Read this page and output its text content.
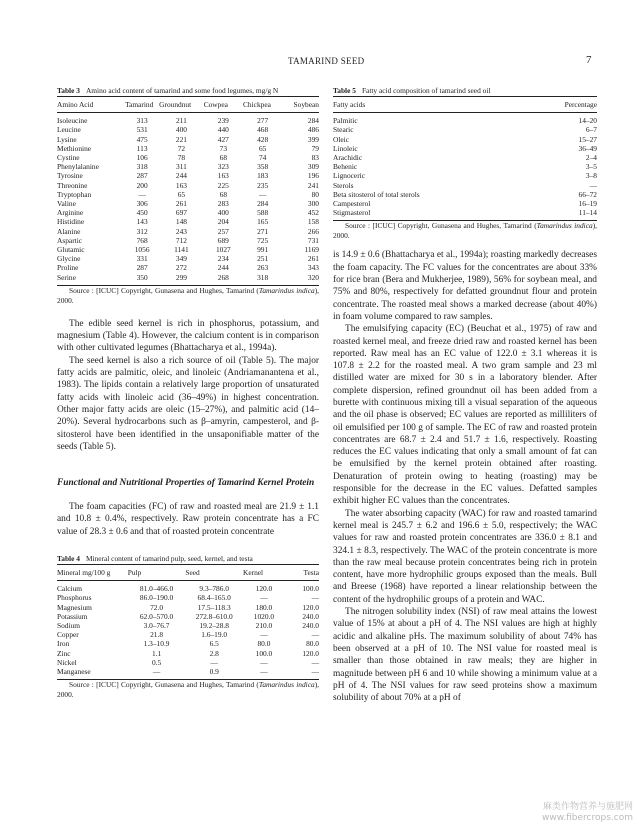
TAMARIND SEED	7

Table 3 Amino acid content of tamarind and some food legumes, mg/g N

Amino Acid	Tamarind	Groundnut	Cowpea	Chickpea	Soybean
Isoleucine	313	211	239	277	284
Leucine	531	400	440	468	486
Lysine	475	221	427	428	399
Methionine	113	72	73	65	79
Cystine	106	78	68	74	83
Phenylalanine	318	311	323	358	309
Tyrosine	287	244	163	183	196
Threonine	200	163	225	235	241
Tryptophan	—	65	68	—	80
Valine	306	261	283	284	300
Arginine	450	697	400	588	452
Histidine	143	148	204	165	158
Alanine	312	243	257	271	266
Aspartic	768	712	689	725	731
Glutamic	1056	1141	1027	991	1169
Glycine	331	349	234	251	261
Proline	287	272	244	263	343
Serine	350	299	268	318	320

Source : [ICUC] Copyright, Gunasena and Hughes, Tamarind (Tamarindus indica), 2000.

The edible seed kernel is rich in phosphorus, potassium, and magnesium (Table 4). However, the calcium content is in comparison with other cultivated legumes (Bhattacharya et al., 1994a).

The seed kernel is also a rich source of oil (Table 5). The major fatty acids are palmitic, oleic, and linoleic (Andriamanantena et al., 1983). The lipids contain a relatively large proportion of unsaturated fatty acids with linoleic acid (36–49%) in highest concentration. Other major fatty acids are oleic (15–27%), and palmitic acid (14–20%). Several hydrocarbons such as β–amyrin, campesterol, and β-sitosterol have been identified in the unsaponifiable matter of the seeds (Table 5).

Functional and Nutritional Properties of Tamarind Kernel Protein

The foam capacities (FC) of raw and roasted meal are 21.9 ± 1.1 and 10.8 ± 0.4%, respectively. Raw protein concentrate has a FC value of 28.3 ± 0.6 and that of roasted protein concentrate

Table 4 Mineral content of tamarind pulp, seed, kernel, and testa

Mineral mg/100 g	Pulp	Seed	Kernel	Testa
Calcium	81.0–466.0	9.3–786.0	120.0	100.0
Phosphorus	86.0–190.0	68.4–165.0	—	—
Magnesium	72.0	17.5–118.3	180.0	120.0
Potassium	62.0–570.0	272.8–610.0	1020.0	240.0
Sodium	3.0–76.7	19.2–28.8	210.0	240.0
Copper	21.8	1.6–19.0	—	—
Iron	1.3–10.9	6.5	80.0	80.0
Zinc	1.1	2.8	100.0	120.0
Nickel	0.5	—	—	—
Manganese	—	0.9	—	—

Source : [ICUC] Copyright, Gunasena and Hughes, Tamarind (Tamarindus indica), 2000.

Table 5 Fatty acid composition of tamarind seed oil

Fatty acids	Percentage
Palmitic	14–20
Stearic	6–7
Oleic	15–27
Linoleic	36–49
Arachidic	2–4
Behenic	3–5
Lignoceric	3–8
Sterols	—
Beta sitosterol of total sterols	66–72
Campesterol	16–19
Stigmasterol	11–14

Source : [ICUC] Copyright, Gunasena and Hughes, Tamarind (Tamarindus indica), 2000.

is 14.9 ± 0.6 (Bhattacharya et al., 1994a); roasting markedly decreases the foam capacity. The FC values for the concentrates are about 33% for rice bran (Bera and Mukherjee, 1989), 56% for soybean meal, and 75% and 80%, respectively for defatted groundnut flour and protein concentrate. The roasted meal shows a marked decrease (about 40%) in foam volume compared to raw samples.

The emulsifying capacity (EC) (Beuchat et al., 1975) of raw and roasted kernel meal, and freeze dried raw and roasted kernel has been reported. Raw meal has an EC value of 122.0 ± 3.1 whereas it is 107.8 ± 2.2 for the roasted meal. A two gram sample and 23 ml distilled water are mixed for 30 s in a laboratory blender. After complete dispersion, refined groundnut oil has been added from a burette with continuous mixing till a visual separation of the aqueous and the oil phase is observed; EC values are reported as milliliters of oil emulsified per 100 g of sample. The EC of raw and roasted protein concentrates are 68.7 ± 2.4 and 51.7 ± 1.6, respectively. Roasting reduces the EC values indicating that only a small amount of fat can be emulsified by the kernel protein obtained after roasting. Denaturation of protein owing to heating (roasting) may be responsible for the decrease in the EC values. Defatted samples exhibit higher EC values than the concentrates.

The water absorbing capacity (WAC) for raw and roasted tamarind kernel meal is 245.7 ± 6.2 and 196.6 ± 5.0, respectively; the WAC values for raw and roasted protein concentrates are 336.0 ± 8.1 and 324.1 ± 8.3, respectively. The WAC of the protein concentrate is more than the raw meal because protein concentrates being rich in protein content, have more hydrophilic groups exposed than the meals. Bull and Breese (1968) have reported a linear relationship between the content of the hydrophilic groups of a protein and WAC.

The nitrogen solubility index (NSI) of raw meal attains the lowest value of 15% at about a pH of 4. The NSI values are high at highly acidic and alkaline pHs. The maximum solubility of about 74% has been observed at a pH of 10. The NSI value for roasted meal is smaller than those obtained in raw meals; they are higher in magnitude between pH 6 and 10 while showing a minimum value at a pH of 4. The NSI values for raw seed proteins show a maximum solubility of about 70% at a pH of

麻类作物营养与施肥网
www.fibercrops.com
